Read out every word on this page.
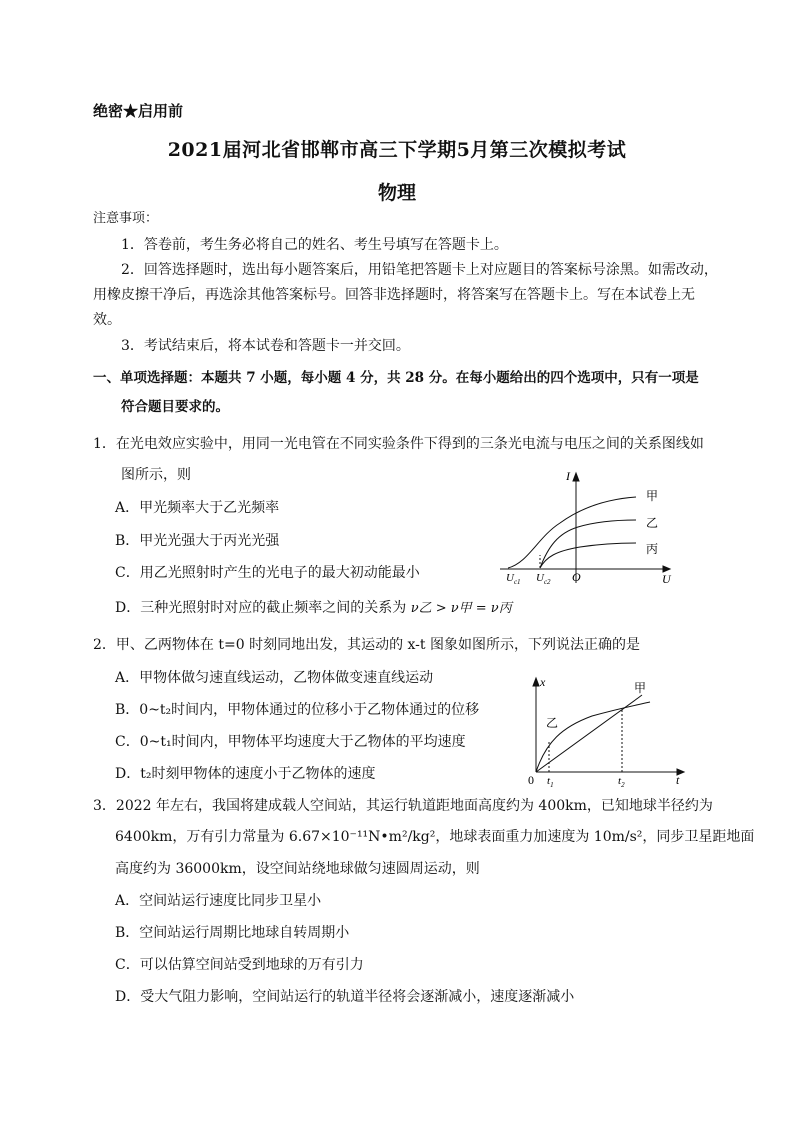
绝密★启用前
2021届河北省邯郸市高三下学期5月第三次模拟考试
物理
注意事项：
1．答卷前，考生务必将自己的姓名、考生号填写在答题卡上。
2．回答选择题时，选出每小题答案后，用铅笔把答题卡上对应题目的答案标号涂黑。如需改动，
用橡皮擦干净后，再选涂其他答案标号。回答非选择题时，将答案写在答题卡上。写在本试卷上无
效。
3．考试结束后，将本试卷和答题卡一并交回。
一、单项选择题：本题共 7 小题，每小题 4 分，共 28 分。在每小题给出的四个选项中，只有一项是
符合题目要求的。
1．在光电效应实验中，用同一光电管在不同实验条件下得到的三条光电流与电压之间的关系图线如
图所示，则
A．甲光频率大于乙光频率
B．甲光光强大于丙光光强
C．用乙光照射时产生的光电子的最大初动能最小
D．三种光照射时对应的截止频率之间的关系为 ν乙 > ν甲 = ν丙
I
U
O
甲
乙
丙
$U_{c1}$ $U_{c2}$
2．甲、乙两物体在 t=0 时刻同地出发，其运动的 x-t 图象如图所示，下列说法正确的是
A．甲物体做匀速直线运动，乙物体做变速直线运动
B．0~t₂时间内，甲物体通过的位移小于乙物体通过的位移
C．0~t₁时间内，甲物体平均速度大于乙物体的平均速度
D．t₂时刻甲物体的速度小于乙物体的速度
x
t
0
甲
乙
$t_1$	$t_2$
3．2022 年左右，我国将建成载人空间站，其运行轨道距地面高度约为 400km，已知地球半径约为
6400km，万有引力常量为 6.67×10⁻¹¹N•m²/kg²，地球表面重力加速度为 10m/s²，同步卫星距地面
高度约为 36000km，设空间站绕地球做匀速圆周运动，则
A．空间站运行速度比同步卫星小
B．空间站运行周期比地球自转周期小
C．可以估算空间站受到地球的万有引力
D．受大气阻力影响，空间站运行的轨道半径将会逐渐减小，速度逐渐减小
